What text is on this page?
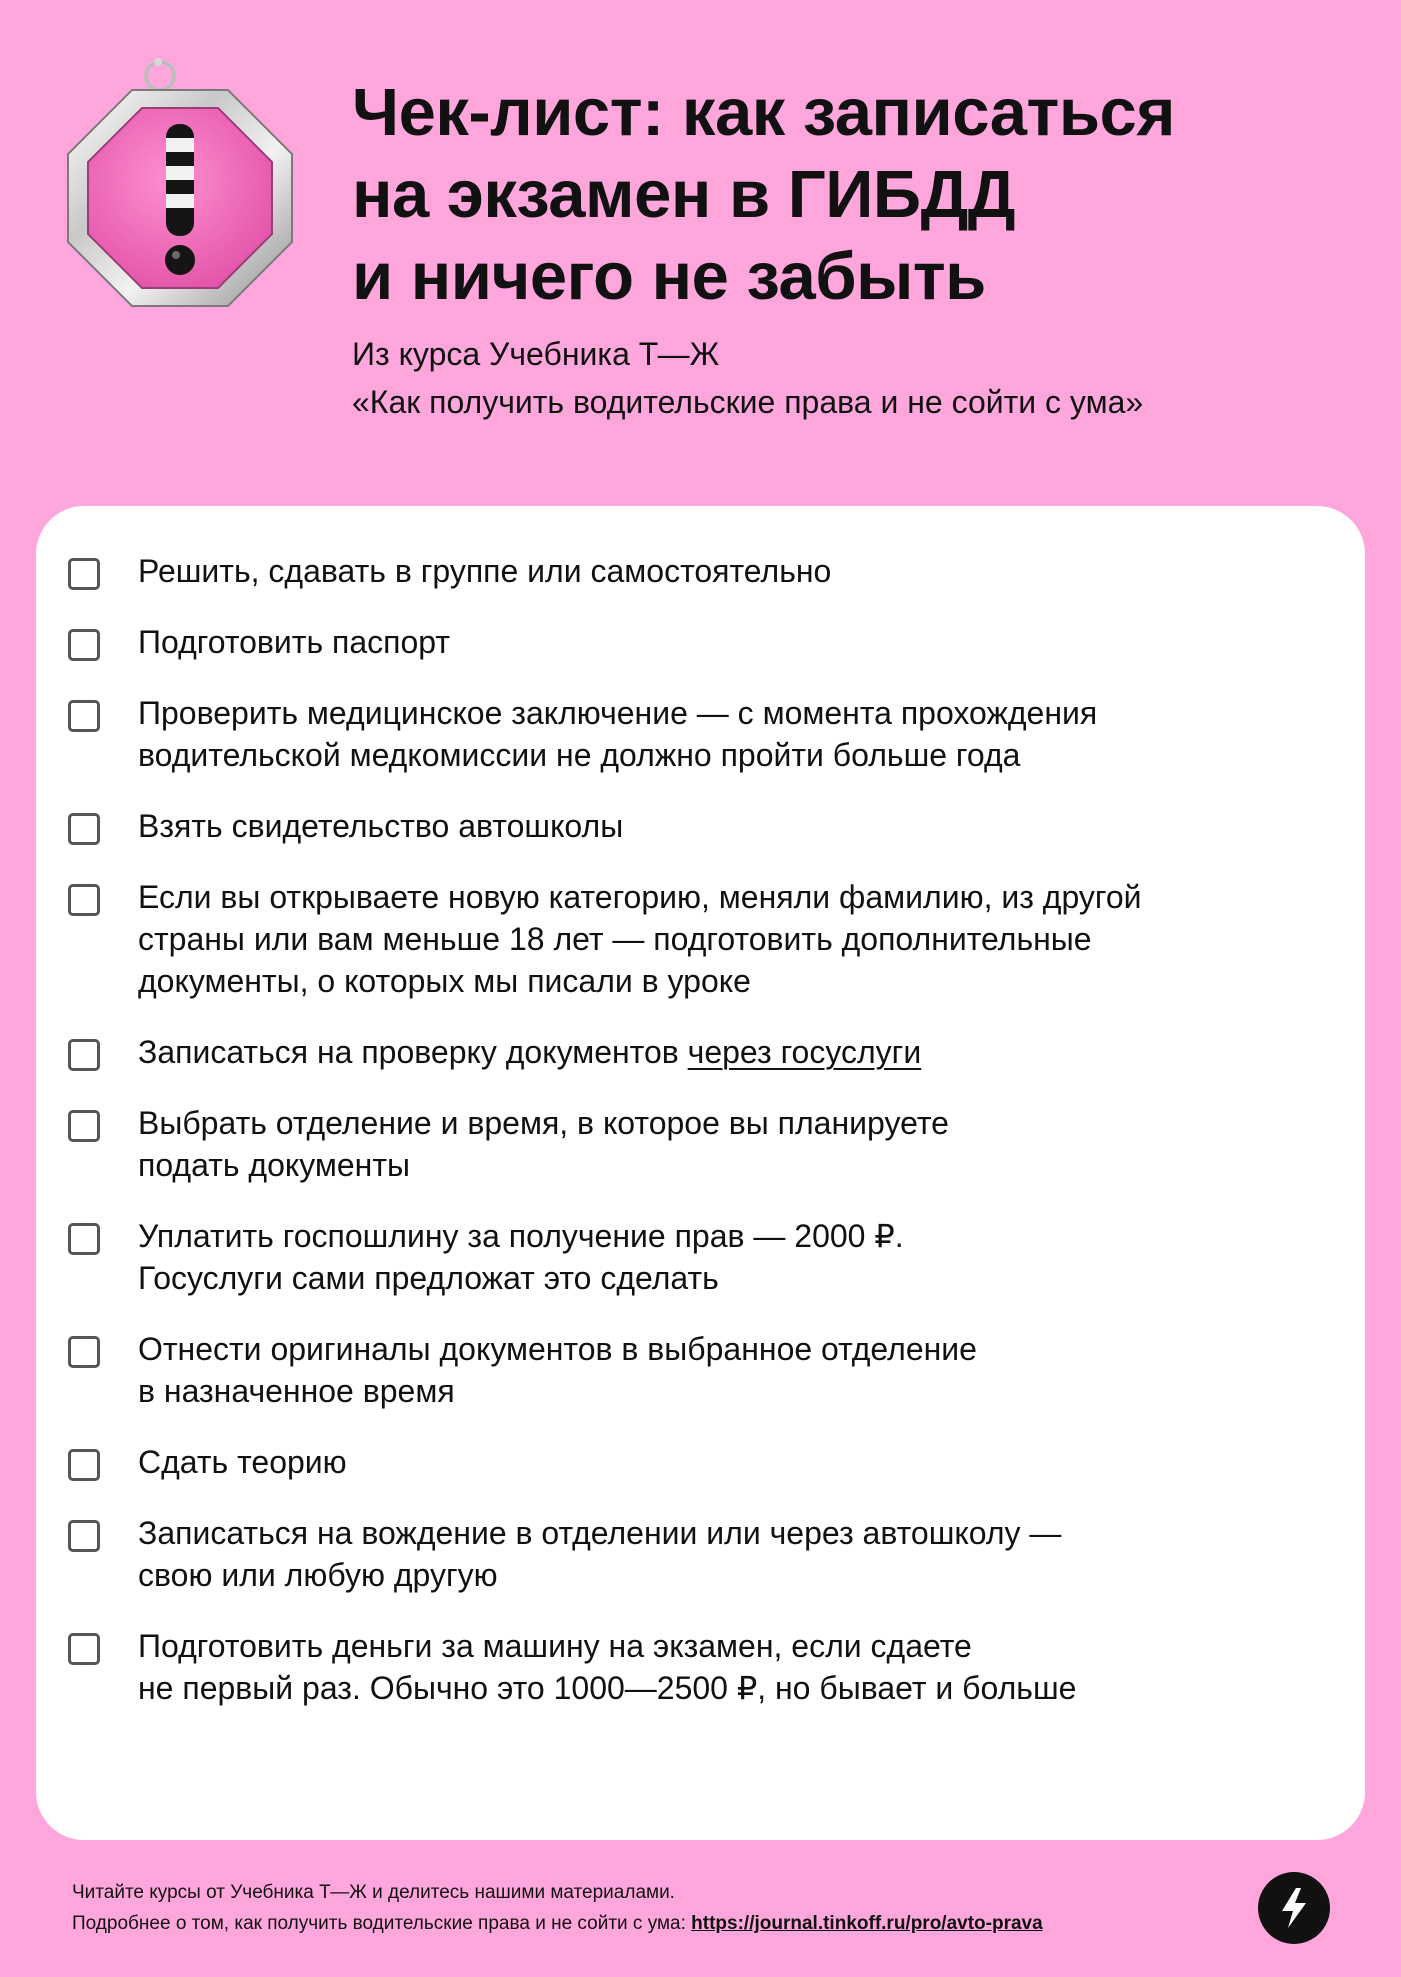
Чек-лист: как записаться
на экзамен в ГИБДД
и ничего не забыть
Из курса Учебника Т—Ж
«Как получить водительские права и не сойти с ума»
Решить, сдавать в группе или самостоятельно
Подготовить паспорт
Проверить медицинское заключение — с момента прохождения
водительской медкомиссии не должно пройти больше года
Взять свидетельство автошколы
Если вы открываете новую категорию, меняли фамилию, из другой
страны или вам меньше 18 лет — подготовить дополнительные
документы, о которых мы писали в уроке
Записаться на проверку документов через госуслуги
Выбрать отделение и время, в которое вы планируете
подать документы
Уплатить госпошлину за получение прав — 2000 ₽.
Госуслуги сами предложат это сделать
Отнести оригиналы документов в выбранное отделение
в назначенное время
Сдать теорию
Записаться на вождение в отделении или через автошколу —
свою или любую другую
Подготовить деньги за машину на экзамен, если сдаете
не первый раз. Обычно это 1000—2500 ₽, но бывает и больше
Читайте курсы от Учебника Т—Ж и делитесь нашими материалами.
Подробнее о том, как получить водительские права и не сойти с ума: https://journal.tinkoff.ru/pro/avto-prava
